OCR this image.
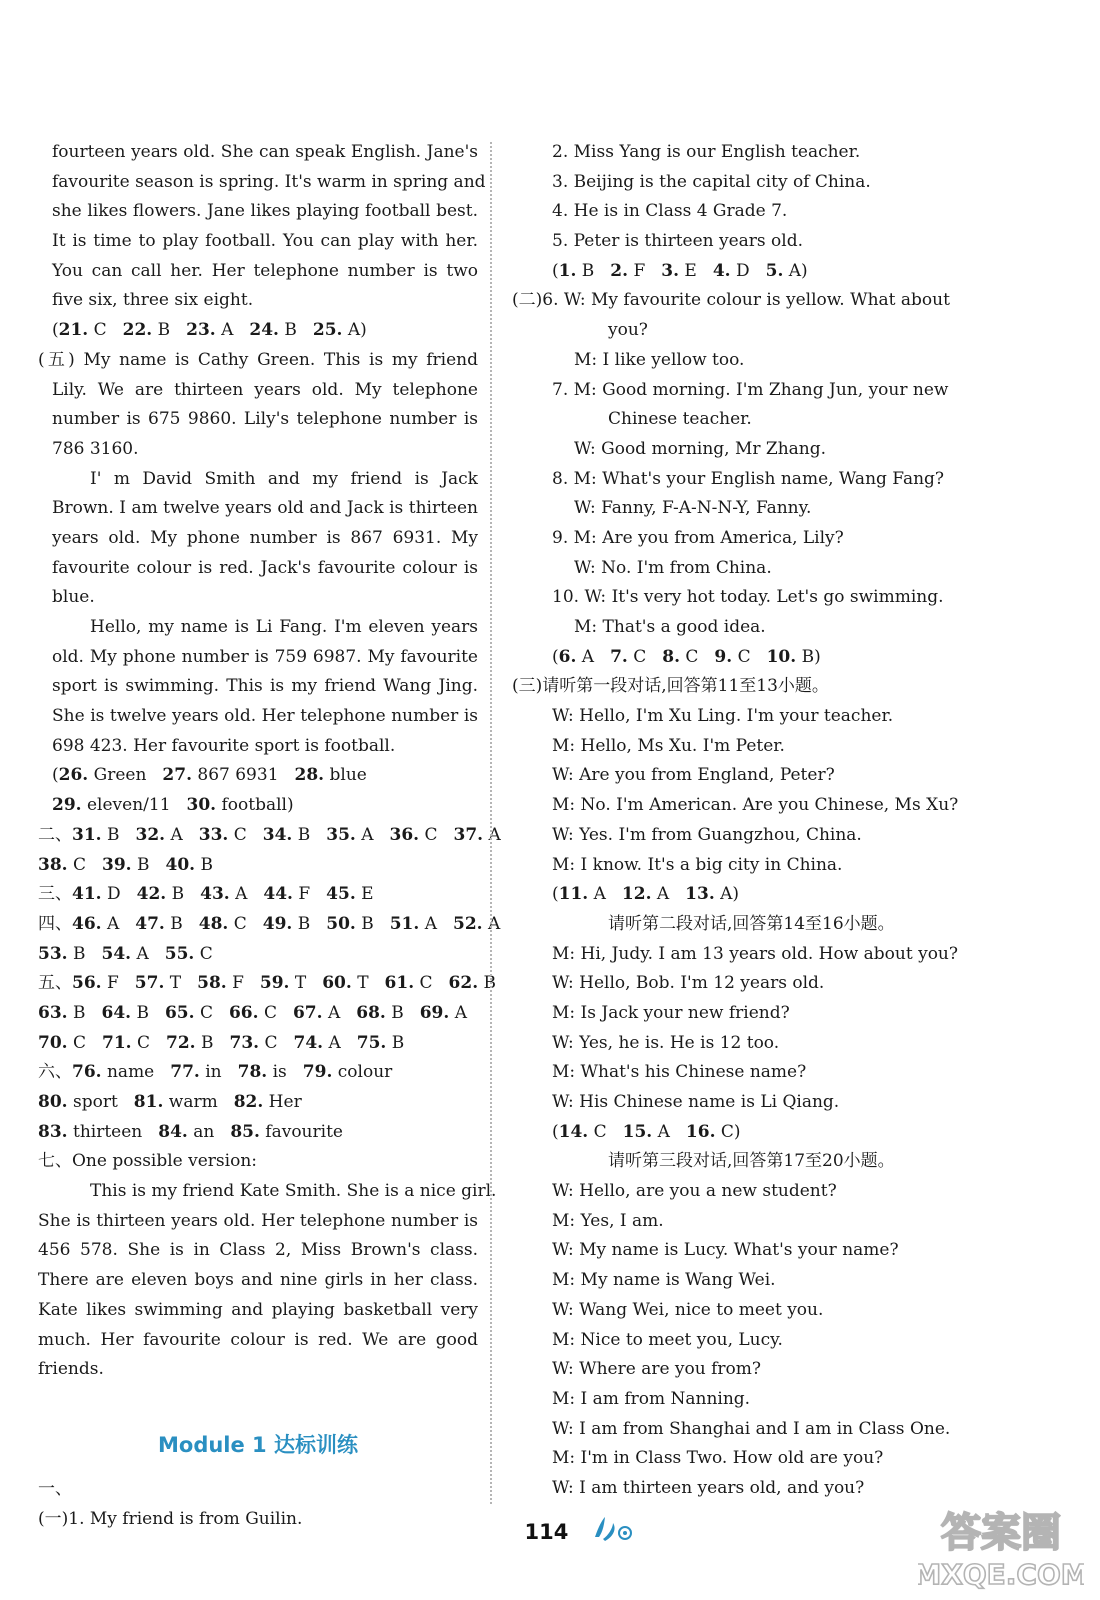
fourteen years old. She can speak English. Jane's
favourite season is spring. It's warm in spring and
she likes flowers. Jane likes playing football best.
It is time to play football. You can play with her.
You can call her. Her telephone number is two
five six, three six eight.
(21. C 22. B 23. A 24. B 25. A)
(五) My name is Cathy Green. This is my friend
Lily. We are thirteen years old. My telephone
number is 675 9860. Lily's telephone number is
786 3160.
I' m David Smith and my friend is Jack
Brown. I am twelve years old and Jack is thirteen
years old. My phone number is 867 6931. My
favourite colour is red. Jack's favourite colour is
blue.
Hello, my name is Li Fang. I'm eleven years
old. My phone number is 759 6987. My favourite
sport is swimming. This is my friend Wang Jing.
She is twelve years old. Her telephone number is
698 423. Her favourite sport is football.
(26. Green 27. 867 6931 28. blue
29. eleven/11 30. football)
二、31. B 32. A 33. C 34. B 35. A 36. C 37. A
38. C 39. B 40. B
三、41. D 42. B 43. A 44. F 45. E
四、46. A 47. B 48. C 49. B 50. B 51. A 52. A
53. B 54. A 55. C
五、56. F 57. T 58. F 59. T 60. T 61. C 62. B
63. B 64. B 65. C 66. C 67. A 68. B 69. A
70. C 71. C 72. B 73. C 74. A 75. B
六、76. name 77. in 78. is 79. colour
80. sport 81. warm 82. Her
83. thirteen 84. an 85. favourite
七、One possible version:
This is my friend Kate Smith. She is a nice girl.
She is thirteen years old. Her telephone number is
456 578. She is in Class 2, Miss Brown's class.
There are eleven boys and nine girls in her class.
Kate likes swimming and playing basketball very
much. Her favourite colour is red. We are good
friends.
Module 1 达标训练
一、
(一)1. My friend is from Guilin.
2. Miss Yang is our English teacher.
3. Beijing is the capital city of China.
4. He is in Class 4 Grade 7.
5. Peter is thirteen years old.
(1. B 2. F 3. E 4. D 5. A)
(二)6. W: My favourite colour is yellow. What about
you?
M: I like yellow too.
7. M: Good morning. I'm Zhang Jun, your new
Chinese teacher.
W: Good morning, Mr Zhang.
8. M: What's your English name, Wang Fang?
W: Fanny, F-A-N-N-Y, Fanny.
9. M: Are you from America, Lily?
W: No. I'm from China.
10. W: It's very hot today. Let's go swimming.
M: That's a good idea.
(6. A 7. C 8. C 9. C 10. B)
(三)请听第一段对话,回答第11至13小题。
W: Hello, I'm Xu Ling. I'm your teacher.
M: Hello, Ms Xu. I'm Peter.
W: Are you from England, Peter?
M: No. I'm American. Are you Chinese, Ms Xu?
W: Yes. I'm from Guangzhou, China.
M: I know. It's a big city in China.
(11. A 12. A 13. A)
请听第二段对话,回答第14至16小题。
M: Hi, Judy. I am 13 years old. How about you?
W: Hello, Bob. I'm 12 years old.
M: Is Jack your new friend?
W: Yes, he is. He is 12 too.
M: What's his Chinese name?
W: His Chinese name is Li Qiang.
(14. C 15. A 16. C)
请听第三段对话,回答第17至20小题。
W: Hello, are you a new student?
M: Yes, I am.
W: My name is Lucy. What's your name?
M: My name is Wang Wei.
W: Wang Wei, nice to meet you.
M: Nice to meet you, Lucy.
W: Where are you from?
M: I am from Nanning.
W: I am from Shanghai and I am in Class One.
M: I'm in Class Two. How old are you?
W: I am thirteen years old, and you?
114	答案圈
MXQE.COM
